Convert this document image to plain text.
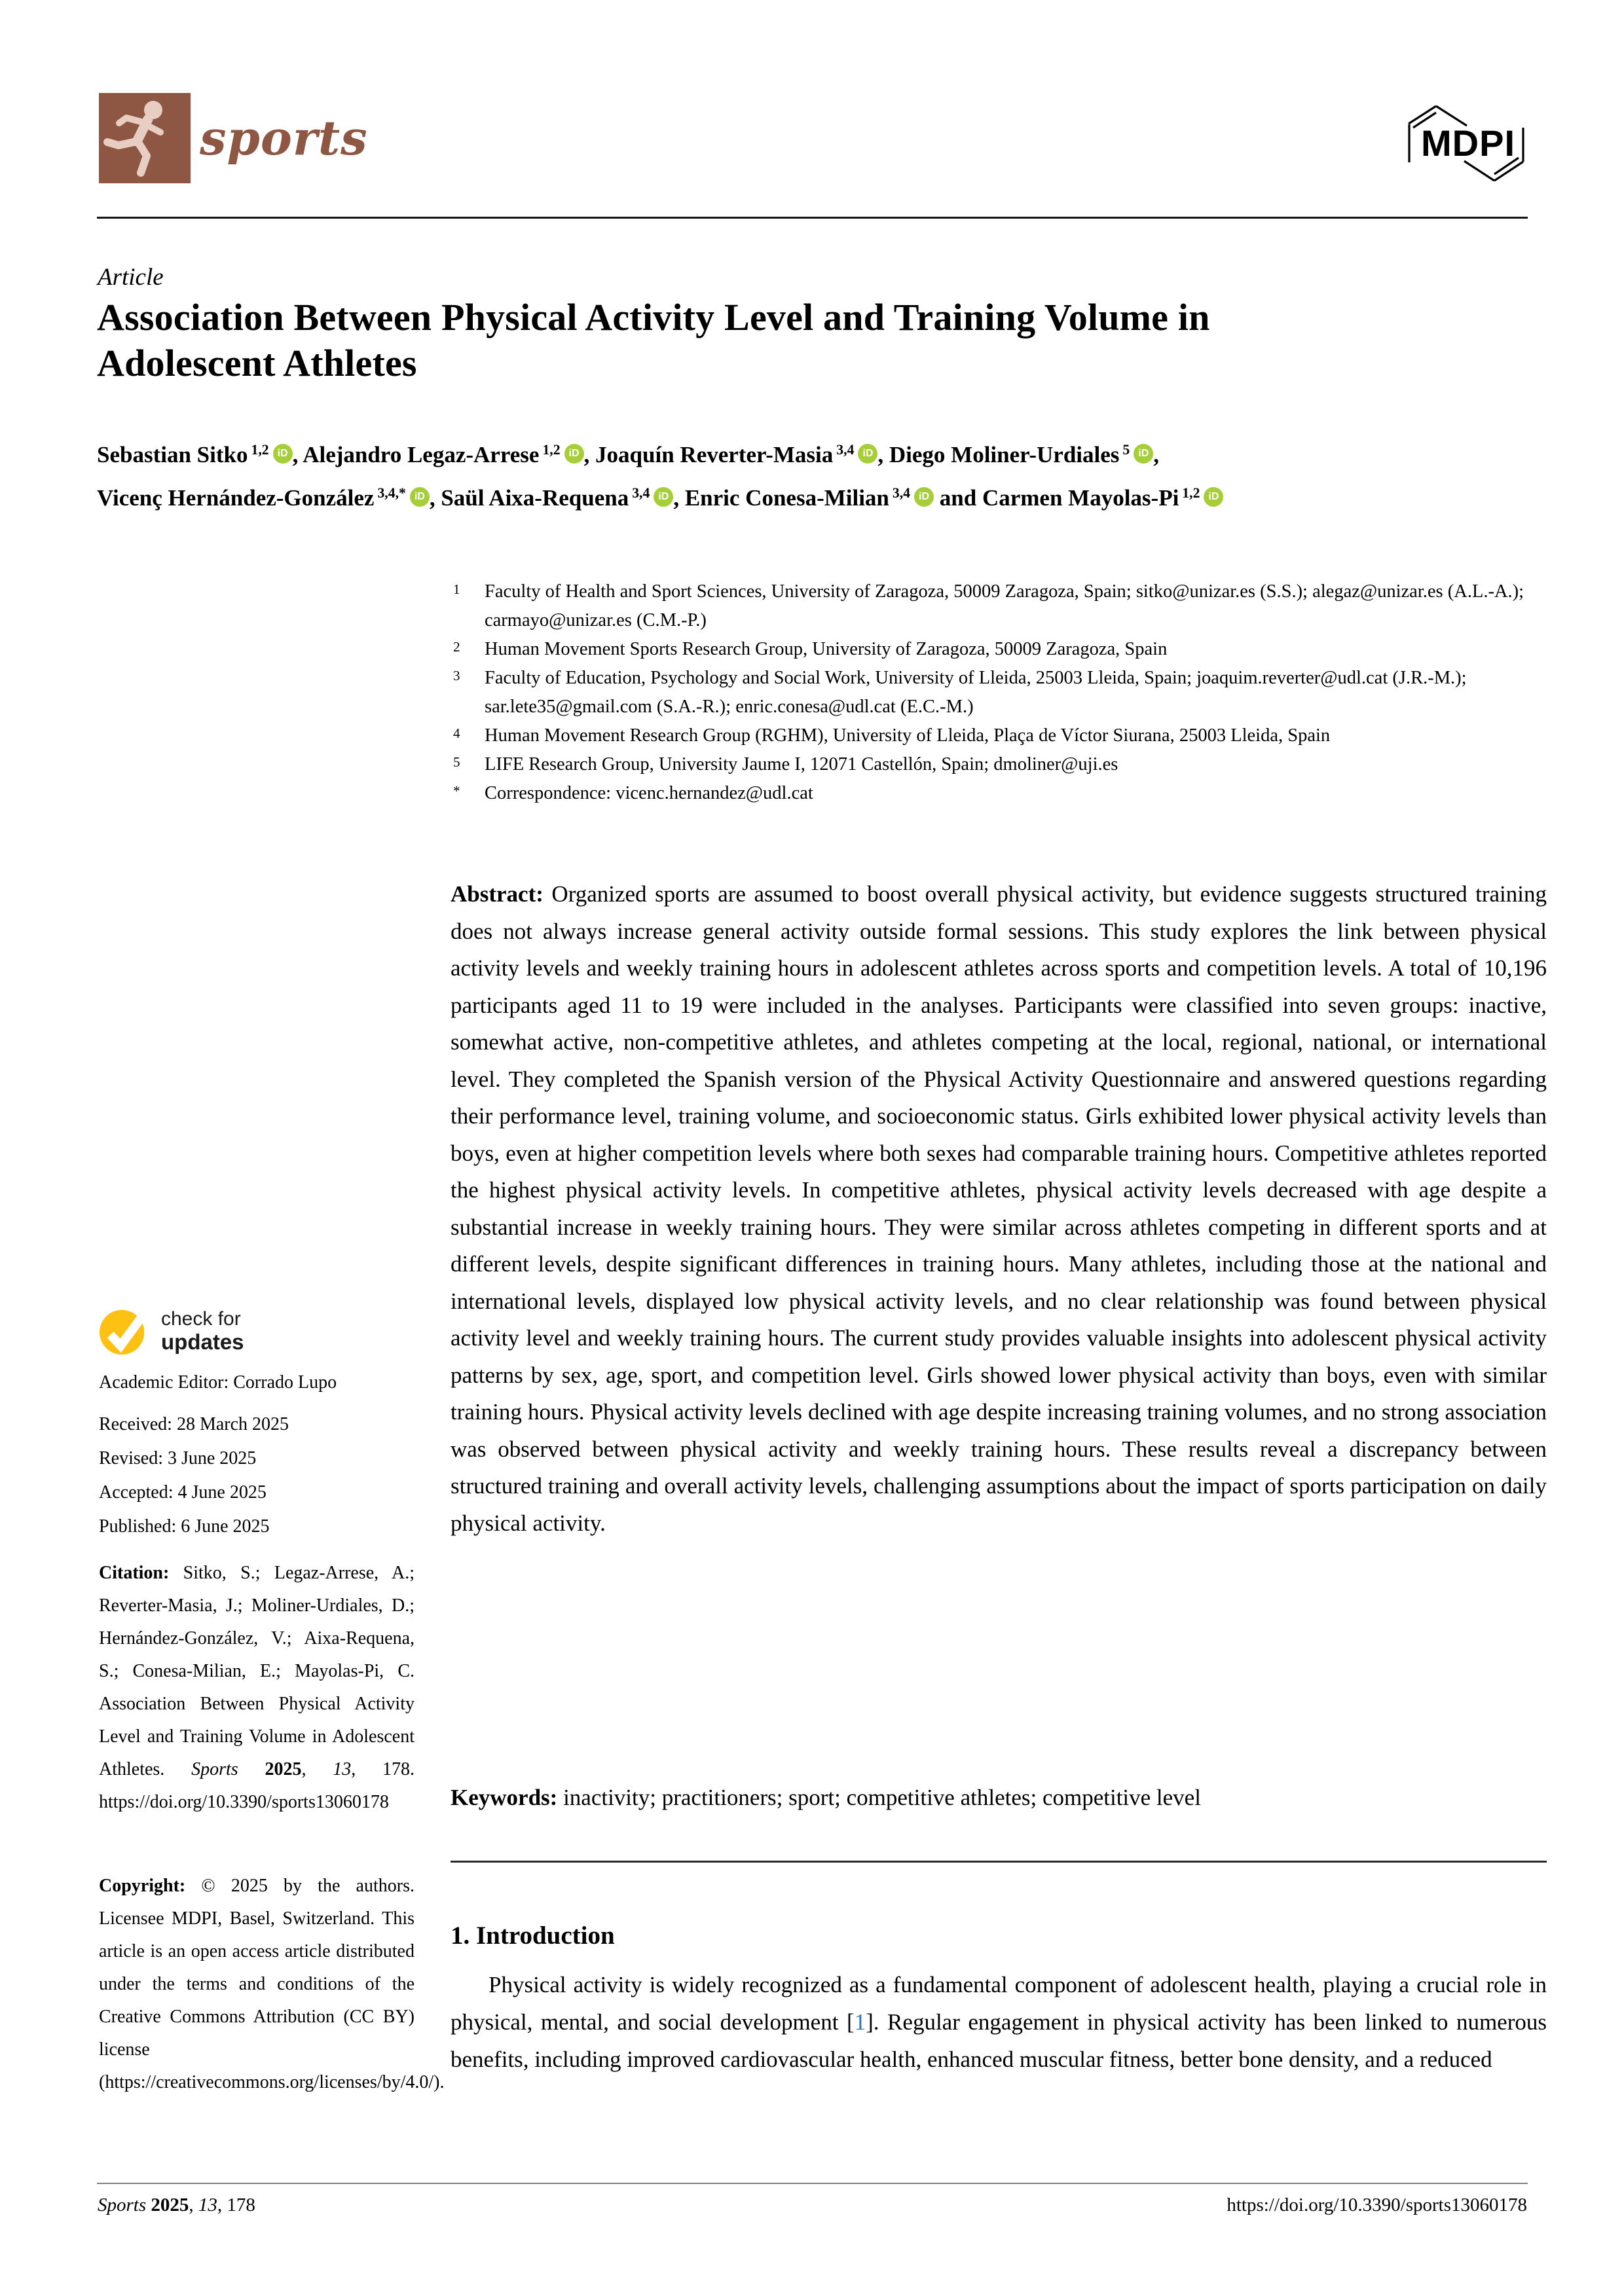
sports	MDPI
Article
Association Between Physical Activity Level and Training Volume in Adolescent Athletes
Sebastian Sitko $^{1,2}$ iD , Alejandro Legaz-Arrese $^{1,2}$ iD , Joaquín Reverter-Masia $^{3,4}$ iD , Diego Moliner-Urdiales $^5$ iD ,
Vicenç Hernández-González $^{3,4,*}$ iD , Saül Aixa-Requena $^{3,4}$ iD , Enric Conesa-Milian $^{3,4}$ iD and Carmen Mayolas-Pi $^{1,2}$ iD
1	Faculty of Health and Sport Sciences, University of Zaragoza, 50009 Zaragoza, Spain; sitko@unizar.es (S.S.); alegaz@unizar.es (A.L.-A.); carmayo@unizar.es (C.M.-P.)
2	Human Movement Sports Research Group, University of Zaragoza, 50009 Zaragoza, Spain
3	Faculty of Education, Psychology and Social Work, University of Lleida, 25003 Lleida, Spain; joaquim.reverter@udl.cat (J.R.-M.); sar.lete35@gmail.com (S.A.-R.); enric.conesa@udl.cat (E.C.-M.)
4	Human Movement Research Group (RGHM), University of Lleida, Plaça de Víctor Siurana, 25003 Lleida, Spain
5	LIFE Research Group, University Jaume I, 12071 Castellón, Spain; dmoliner@uji.es
*	Correspondence: vicenc.hernandez@udl.cat
Abstract: Organized sports are assumed to boost overall physical activity, but evidence suggests structured training does not always increase general activity outside formal sessions. This study explores the link between physical activity levels and weekly training hours in adolescent athletes across sports and competition levels. A total of 10,196 participants aged 11 to 19 were included in the analyses. Participants were classified into seven groups: inactive, somewhat active, non-competitive athletes, and athletes competing at the local, regional, national, or international level. They completed the Spanish version of the Physical Activity Questionnaire and answered questions regarding their performance level, training volume, and socioeconomic status. Girls exhibited lower physical activity levels than boys, even at higher competition levels where both sexes had comparable training hours. Competitive athletes reported the highest physical activity levels. In competitive athletes, physical activity levels decreased with age despite a substantial increase in weekly training hours. They were similar across athletes competing in different sports and at different levels, despite significant differences in training hours. Many athletes, including those at the national and international levels, displayed low physical activity levels, and no clear relationship was found between physical activity level and weekly training hours. The current study provides valuable insights into adolescent physical activity patterns by sex, age, sport, and competition level. Girls showed lower physical activity than boys, even with similar training hours. Physical activity levels declined with age despite increasing training volumes, and no strong association was observed between physical activity and weekly training hours. These results reveal a discrepancy between structured training and overall activity levels, challenging assumptions about the impact of sports participation on daily physical activity.
Keywords: inactivity; practitioners; sport; competitive athletes; competitive level
1. Introduction
Physical activity is widely recognized as a fundamental component of adolescent health, playing a crucial role in physical, mental, and social development [1]. Regular engagement in physical activity has been linked to numerous benefits, including improved cardiovascular health, enhanced muscular fitness, better bone density, and a reduced
check for
updates
Academic Editor: Corrado Lupo
Received: 28 March 2025
Revised: 3 June 2025
Accepted: 4 June 2025
Published: 6 June 2025
Citation: Sitko, S.; Legaz-Arrese, A.; Reverter-Masia, J.; Moliner-Urdiales, D.; Hernández-González, V.; Aixa-Requena, S.; Conesa-Milian, E.; Mayolas-Pi, C. Association Between Physical Activity Level and Training Volume in Adolescent Athletes. Sports 2025, 13, 178. https://doi.org/10.3390/sports13060178
Copyright: © 2025 by the authors. Licensee MDPI, Basel, Switzerland. This article is an open access article distributed under the terms and conditions of the Creative Commons Attribution (CC BY) license (https://creativecommons.org/licenses/by/4.0/).
Sports 2025, 13, 178	https://doi.org/10.3390/sports13060178
